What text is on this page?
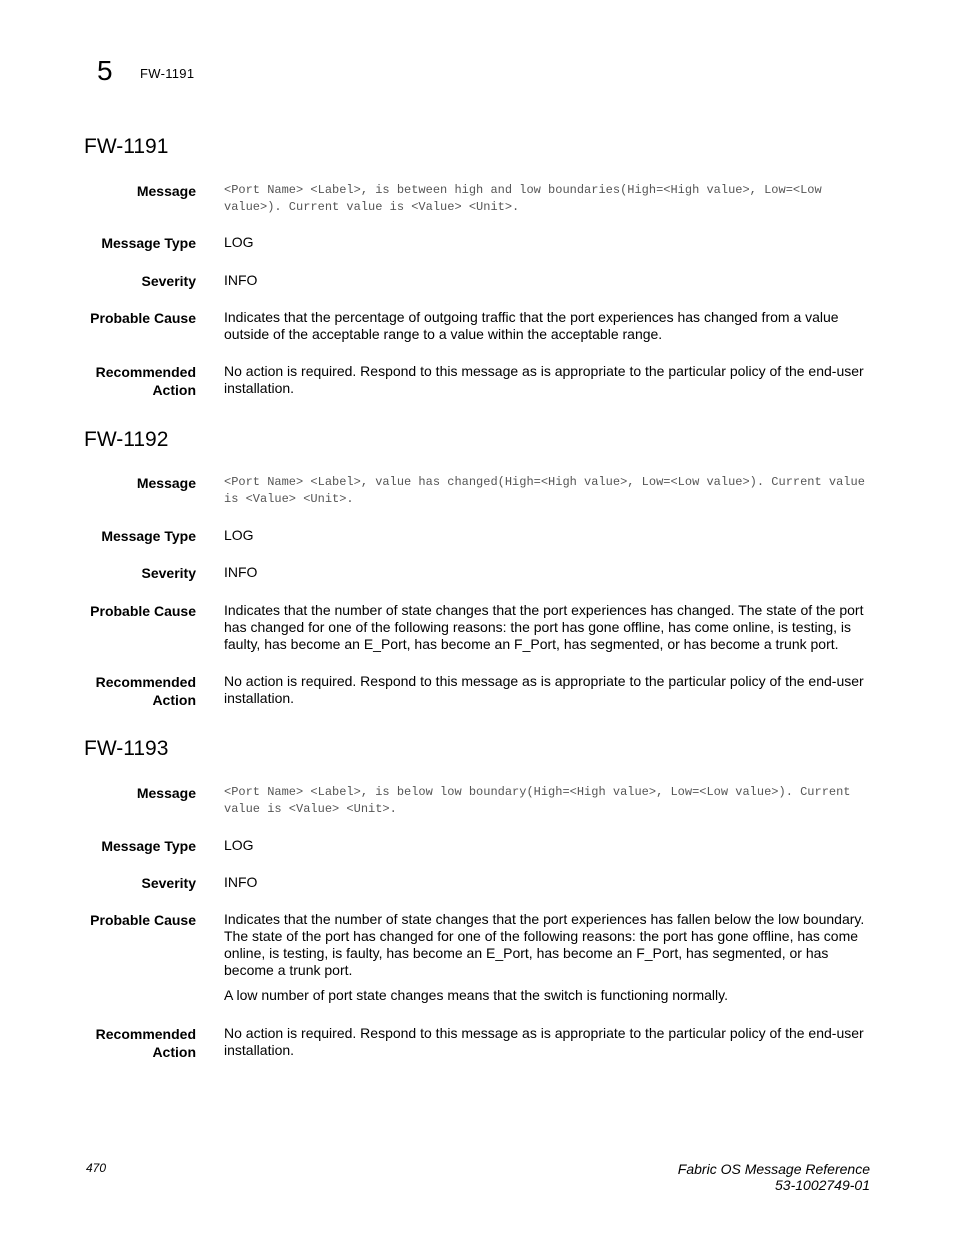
5 FW-1191
FW-1191
Message <Port Name> <Label>, is between high and low boundaries(High=<High value>, Low=<Low value>). Current value is <Value> <Unit>.
Message Type LOG
Severity INFO
Probable Cause Indicates that the percentage of outgoing traffic that the port experiences has changed from a value outside of the acceptable range to a value within the acceptable range.

Recommended
Action
No action is required. Respond to this message as is appropriate to the particular policy of the end-user installation.
FW-1192
Message <Port Name> <Label>, value has changed(High=<High value>, Low=<Low value>). Current value is <Value> <Unit>.
Message Type LOG
Severity INFO
Probable Cause Indicates that the number of state changes that the port experiences has changed. The state of the port has changed for one of the following reasons: the port has gone offline, has come online, is testing, is faulty, has become an E_Port, has become an F_Port, has segmented, or has become a trunk port.

Recommended
Action
No action is required. Respond to this message as is appropriate to the particular policy of the end-user installation.
FW-1193
Message <Port Name> <Label>, is below low boundary(High=<High value>, Low=<Low value>). Current value is <Value> <Unit>.
Message Type LOG
Severity INFO
Probable Cause Indicates that the number of state changes that the port experiences has fallen below the low boundary. The state of the port has changed for one of the following reasons: the port has gone offline, has come online, is testing, is faulty, has become an E_Port, has become an F_Port, has segmented, or has become a trunk port.

A low number of port state changes means that the switch is functioning normally.

Recommended
Action
No action is required. Respond to this message as is appropriate to the particular policy of the end-user installation.
470	Fabric OS Message Reference
53-1002749-01
